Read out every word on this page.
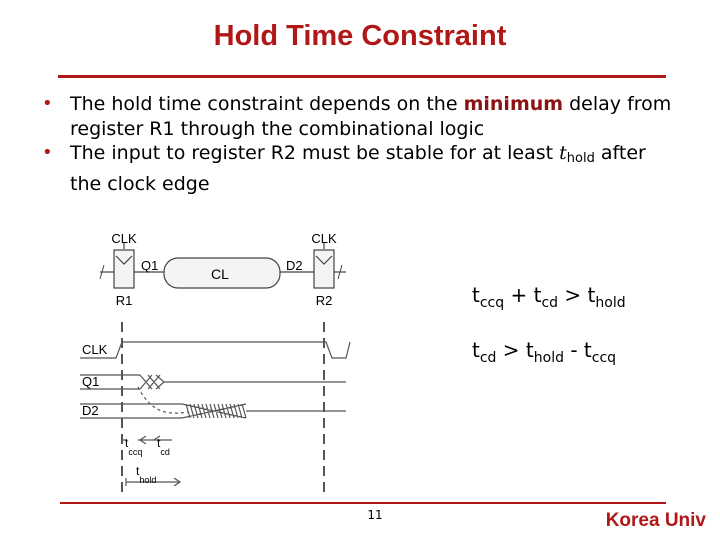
Hold Time Constraint
• The hold time constraint depends on the minimum delay from register R1 through the combinational logic
• The input to register R2 must be stable for at least $t_{hold}$ after the clock edge
CLK	CLK
Q1	D2
CL
R1	R2
CLK
Q1
D2
$t_{ccq}$
$t_{cd}$
$t_{hold}$
$t_{ccq} + t_{cd} > t_{hold}$
$t_{cd} > t_{hold} - t_{ccq}$
11	Korea Univ
